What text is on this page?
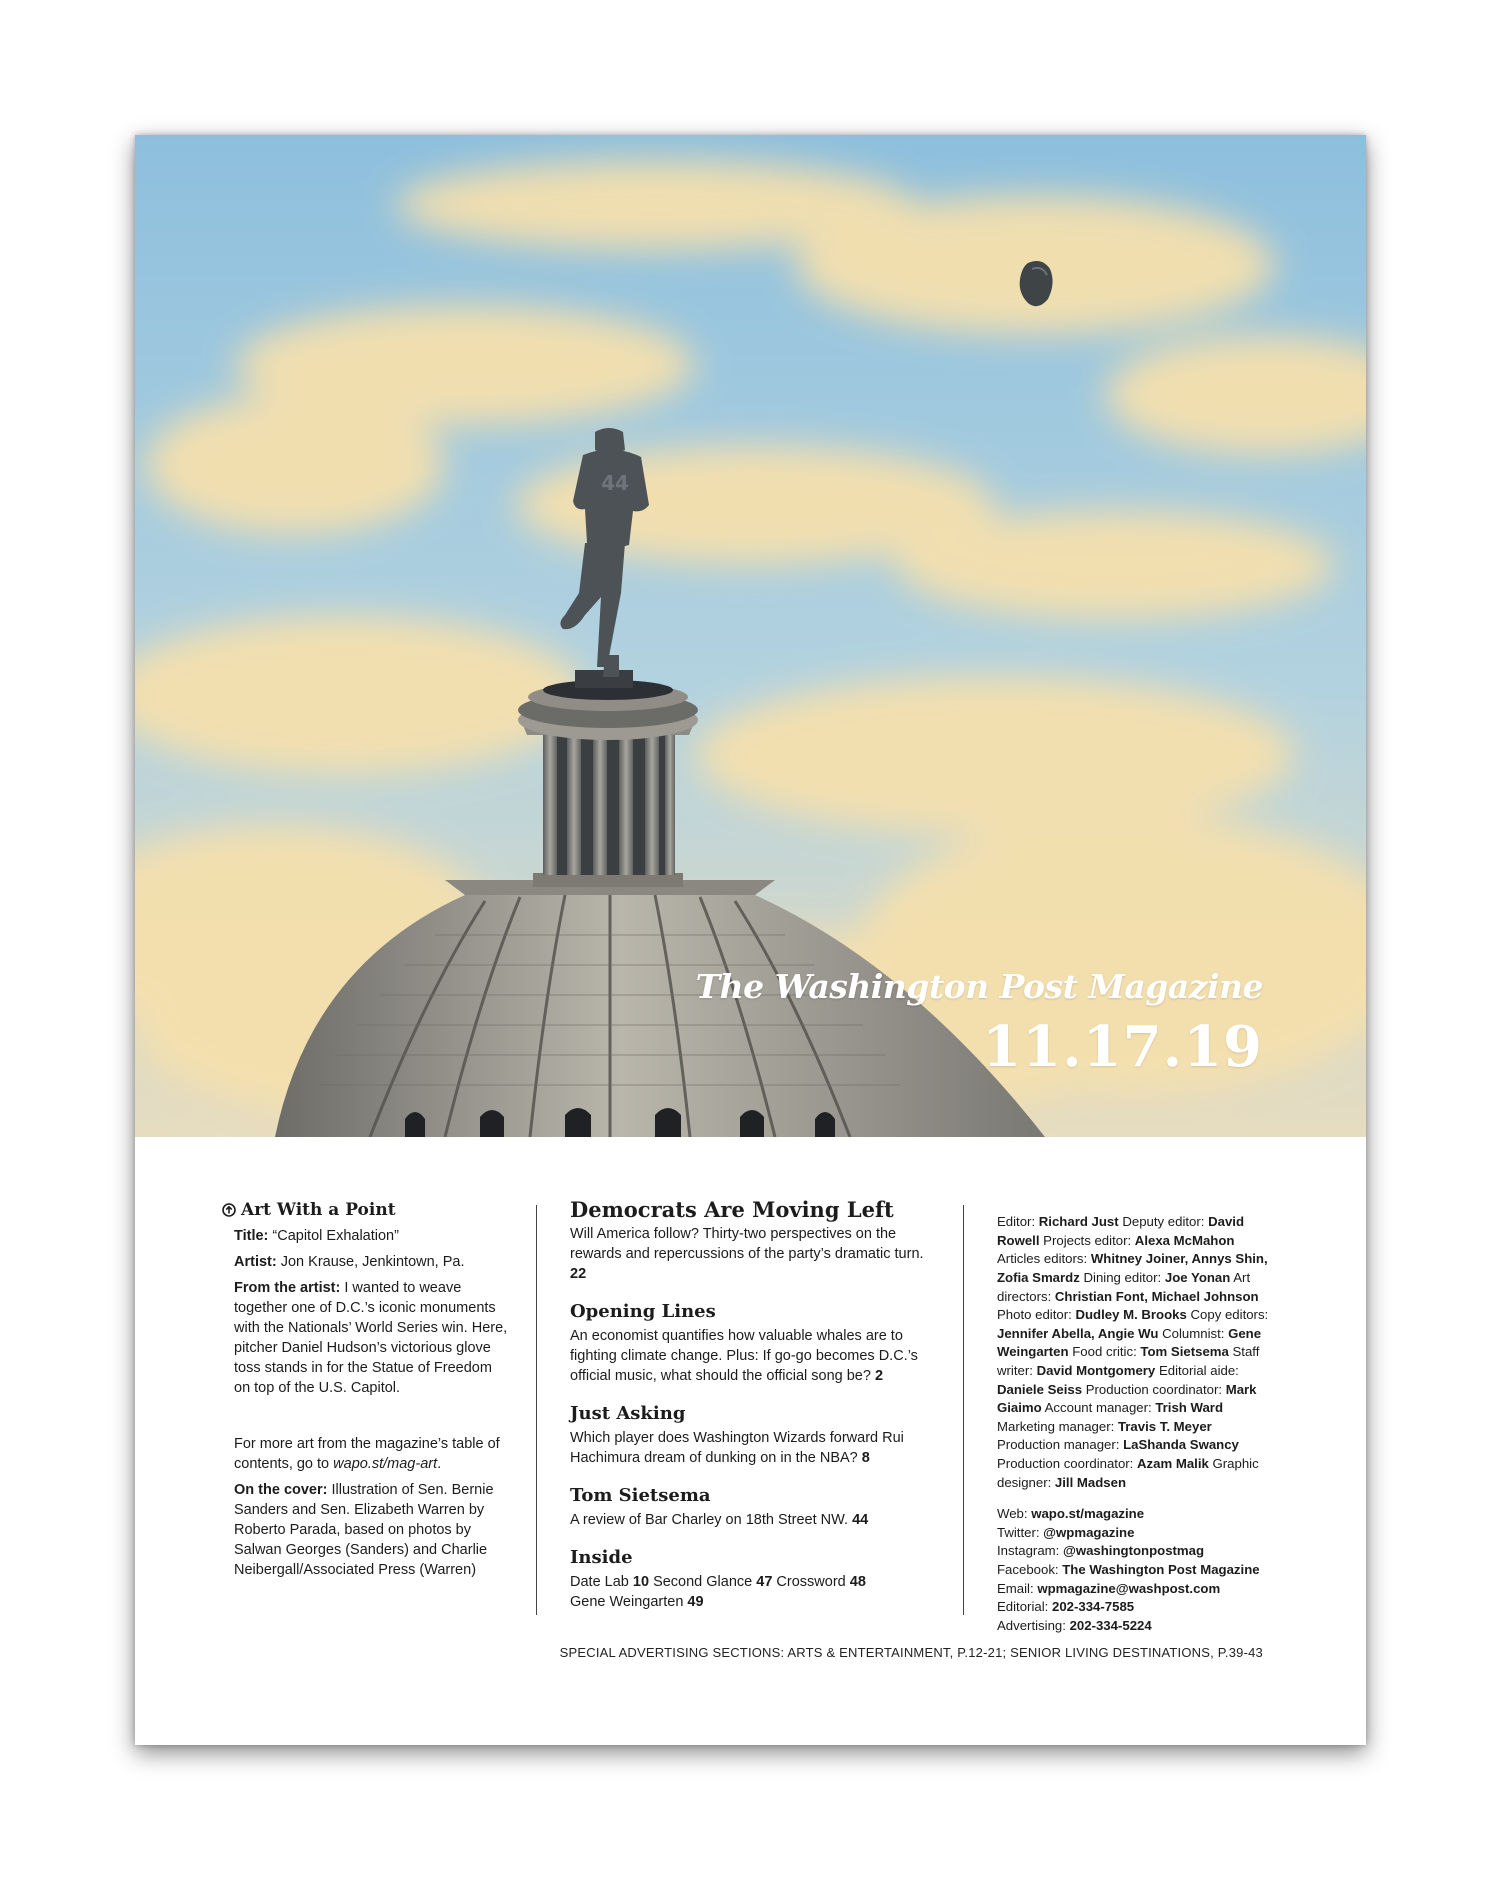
44
The Washington Post Magazine
11.17.19
Art With a Point

Title: “Capitol Exhalation”

Artist: Jon Krause, Jenkintown, Pa.

From the artist: I wanted to weave together one of D.C.’s iconic monuments with the Nationals’ World Series win. Here, pitcher Daniel Hudson’s victorious glove toss stands in for the Statue of Freedom on top of the U.S. Capitol.

For more art from the magazine’s table of contents, go to wapo.st/mag-art.

On the cover: Illustration of Sen. Bernie Sanders and Sen. Elizabeth Warren by Roberto Parada, based on photos by Salwan Georges (Sanders) and Charlie Neibergall/Associated Press (Warren)

Democrats Are Moving Left

Will America follow? Thirty-two perspectives on the rewards and repercussions of the party’s dramatic turn. 22

Opening Lines

An economist quantifies how valuable whales are to fighting climate change. Plus: If go-go becomes D.C.’s official music, what should the official song be? 2

Just Asking

Which player does Washington Wizards forward Rui Hachimura dream of dunking on in the NBA? 8

Tom Sietsema

A review of Bar Charley on 18th Street NW. 44

Inside

Date Lab 10 Second Glance 47 Crossword 48
Gene Weingarten 49

Editor: Richard Just Deputy editor: David Rowell Projects editor: Alexa McMahon Articles editors: Whitney Joiner, Annys Shin, Zofia Smardz Dining editor: Joe Yonan Art directors: Christian Font, Michael Johnson Photo editor: Dudley M. Brooks Copy editors: Jennifer Abella, Angie Wu Columnist: Gene Weingarten Food critic: Tom Sietsema Staff writer: David Montgomery Editorial aide: Daniele Seiss Production coordinator: Mark Giaimo Account manager: Trish Ward Marketing manager: Travis T. Meyer Production manager: LaShanda Swancy Production coordinator: Azam Malik Graphic designer: Jill Madsen

Web: wapo.st/magazine
Twitter: @wpmagazine
Instagram: @washingtonpostmag
Facebook: The Washington Post Magazine
Email: wpmagazine@washpost.com
Editorial: 202-334-7585
Advertising: 202-334-5224
SPECIAL ADVERTISING SECTIONS: ARTS & ENTERTAINMENT, P.12-21; SENIOR LIVING DESTINATIONS, P.39-43
